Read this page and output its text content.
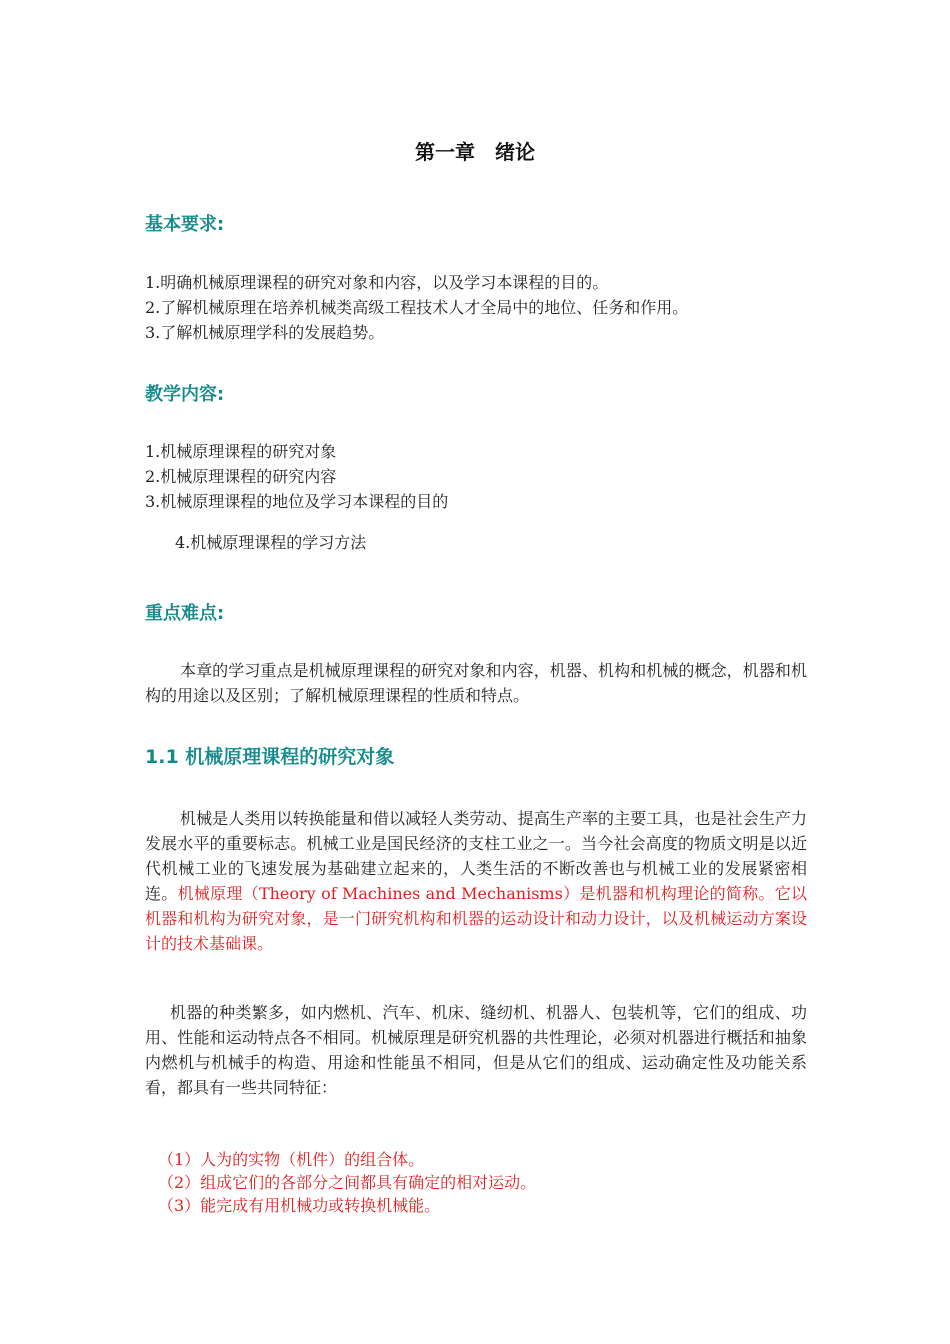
第一章　绪论
基本要求:
1.明确机械原理课程的研究对象和内容，以及学习本课程的目的。
2.了解机械原理在培养机械类高级工程技术人才全局中的地位、任务和作用。
3.了解机械原理学科的发展趋势。
教学内容:
1.机械原理课程的研究对象
2.机械原理课程的研究内容
3.机械原理课程的地位及学习本课程的目的
4.机械原理课程的学习方法
重点难点:
本章的学习重点是机械原理课程的研究对象和内容，机器、机构和机械的概念，机器和机构的用途以及区别；了解机械原理课程的性质和特点。
1.1 机械原理课程的研究对象
机械是人类用以转换能量和借以减轻人类劳动、提高生产率的主要工具，也是社会生产力发展水平的重要标志。机械工业是国民经济的支柱工业之一。当今社会高度的物质文明是以近代机械工业的飞速发展为基础建立起来的，人类生活的不断改善也与机械工业的发展紧密相连。机械原理（Theory of Machines and Mechanisms）是机器和机构理论的简称。它以机器和机构为研究对象，是一门研究机构和机器的运动设计和动力设计，以及机械运动方案设计的技术基础课。
机器的种类繁多，如内燃机、汽车、机床、缝纫机、机器人、包装机等，它们的组成、功用、性能和运动特点各不相同。机械原理是研究机器的共性理论，必须对机器进行概括和抽象　内燃机与机械手的构造、用途和性能虽不相同，但是从它们的组成、运动确定性及功能关系看，都具有一些共同特征：
（1）人为的实物（机件）的组合体。
（2）组成它们的各部分之间都具有确定的相对运动。
（3）能完成有用机械功或转换机械能。
